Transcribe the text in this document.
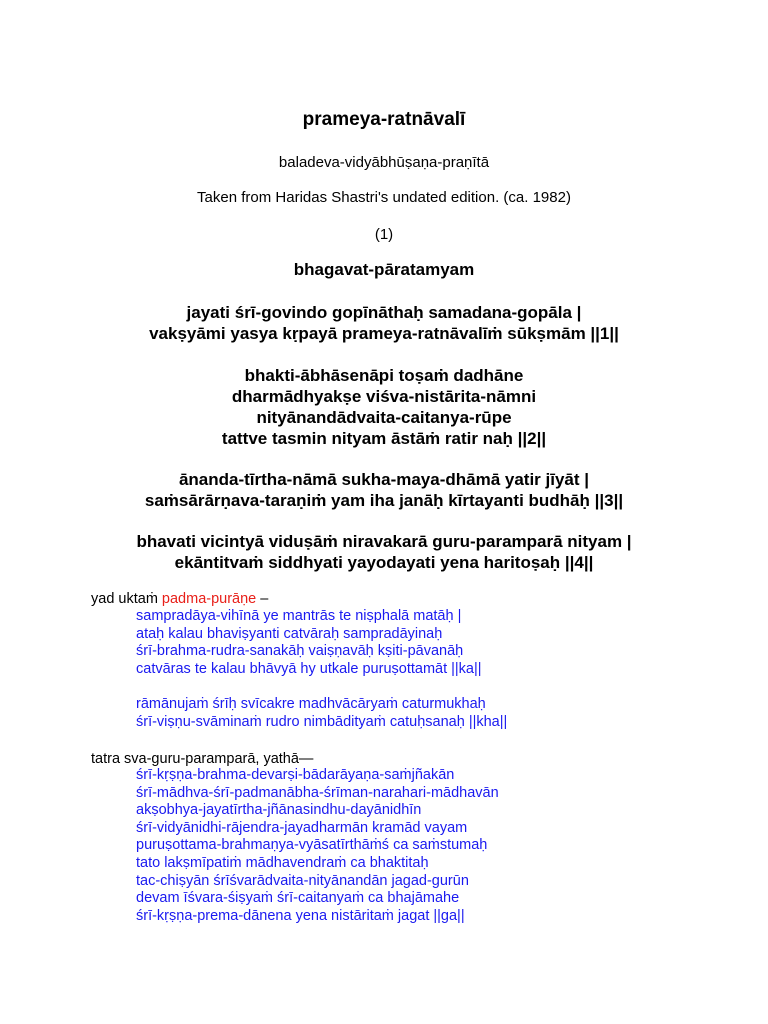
prameya-ratnāvalī
baladeva-vidyābhūṣaṇa-praṇītā
Taken from Haridas Shastri's undated edition. (ca. 1982)
(1)
bhagavat-pāratamyam
jayati śrī-govindo gopīnāthaḥ samadana-gopāla |
vakṣyāmi yasya kṛpayā prameya-ratnāvalīṁ sūkṣmām ||1||
bhakti-ābhāsenāpi toṣaṁ dadhāne
dharmādhyakṣe viśva-nistārita-nāmni
nityānandādvaita-caitanya-rūpe
tattve tasmin nityam āstāṁ ratir naḥ ||2||
ānanda-tīrtha-nāmā sukha-maya-dhāmā yatir jīyāt |
saṁsārārṇava-taraṇiṁ yam iha janāḥ kīrtayanti budhāḥ ||3||
bhavati vicintyā viduṣāṁ niravakarā guru-paramparā nityam |
ekāntitvaṁ siddhyati yayodayati yena haritoṣaḥ ||4||
yad uktaṁ padma-purāṇe –
sampradāya-vihīnā ye mantrās te niṣphalā matāḥ |
ataḥ kalau bhaviṣyanti catvāraḥ sampradāyinaḥ
śrī-brahma-rudra-sanakāḥ vaiṣṇavāḥ kṣiti-pāvanāḥ
catvāras te kalau bhāvyā hy utkale puruṣottamāt ||ka||
rāmānujaṁ śrīḥ svīcakre madhvācāryaṁ caturmukhaḥ
śrī-viṣṇu-svāminaṁ rudro nimbādityaṁ catuḥsanaḥ ||kha||
tatra sva-guru-paramparā, yathā—
śrī-kṛṣṇa-brahma-devarṣi-bādarāyaṇa-saṁjñakān
śrī-mādhva-śrī-padmanābha-śrīman-narahari-mādhavān
akṣobhya-jayatīrtha-jñānasindhu-dayānidhīn
śrī-vidyānidhi-rājendra-jayadharmān kramād vayam
puruṣottama-brahmaṇya-vyāsatīrthāṁś ca saṁstumaḥ
tato lakṣmīpatiṁ mādhavendraṁ ca bhaktitaḥ
tac-chiṣyān śrīśvarādvaita-nityānandān jagad-gurūn
devam īśvara-śiṣyaṁ śrī-caitanyaṁ ca bhajāmahe
śrī-kṛṣṇa-prema-dānena yena nistāritaṁ jagat ||ga||
